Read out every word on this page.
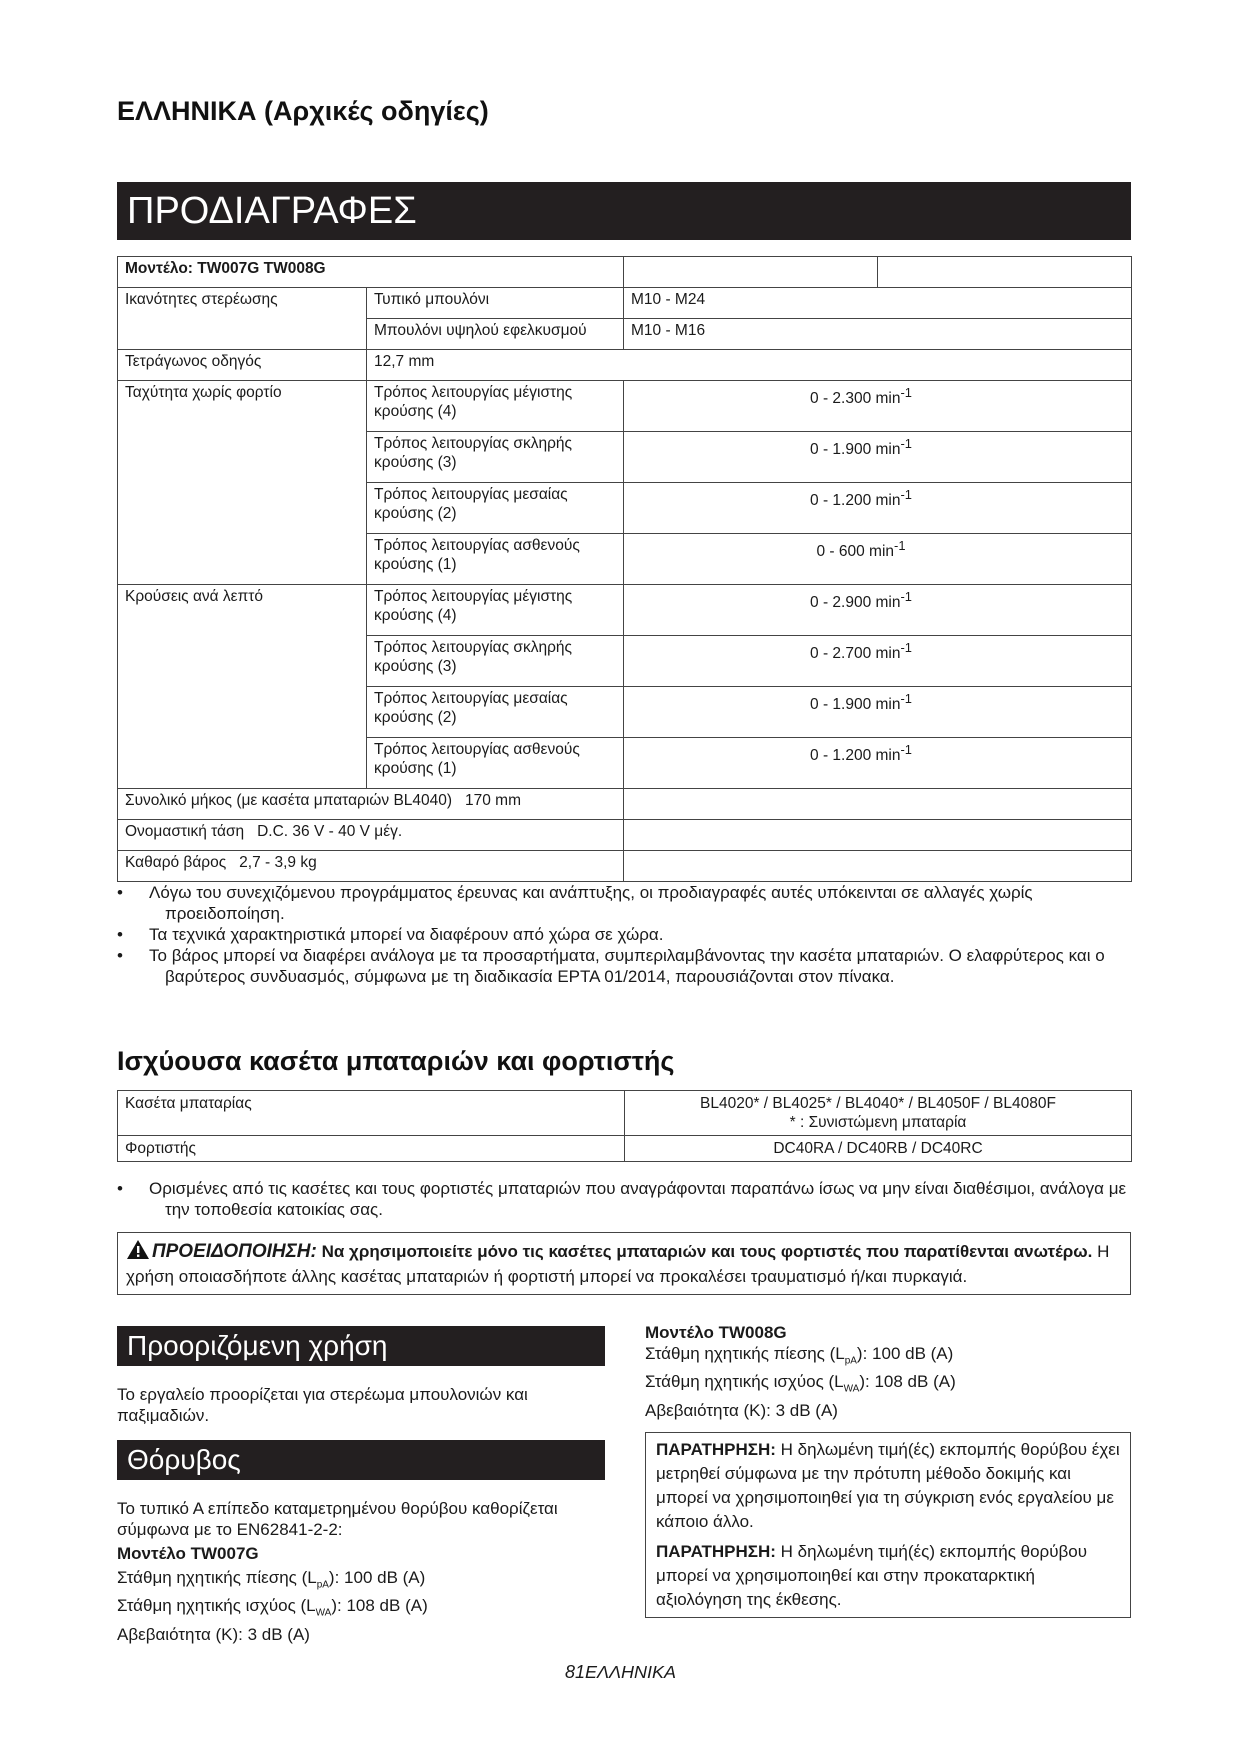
ΕΛΛΗΝΙΚΑ (Αρχικές οδηγίες)
ΠΡΟΔΙΑΓΡΑΦΕΣ
Μοντέλο: TW007G TW008G			
Ικανότητες στερέωσης	Τυπικό μπουλόνι	M10 - M24	
	Μπουλόνι υψηλού εφελκυσμού	M10 - M16	
Τετράγωνος οδηγός	12,7 mm		
Ταχύτητα χωρίς φορτίο	Τρόπος λειτουργίας μέγιστης κρούσης (4)	0 - 2.300 $\min^{-1}$
	Τρόπος λειτουργίας σκληρής κρούσης (3)	0 - 1.900 $\min^{-1}$
	Τρόπος λειτουργίας μεσαίας κρούσης (2)	0 - 1.200 $\min^{-1}$
	Τρόπος λειτουργίας ασθενούς κρούσης (1)	0 - 600 $\min^{-1}$
Κρούσεις ανά λεπτό	Τρόπος λειτουργίας μέγιστης κρούσης (4)	0 - 2.900 $\min^{-1}$
	Τρόπος λειτουργίας σκληρής κρούσης (3)	0 - 2.700 $\min^{-1}$
	Τρόπος λειτουργίας μεσαίας κρούσης (2)	0 - 1.900 $\min^{-1}$
	Τρόπος λειτουργίας ασθενούς κρούσης (1)	0 - 1.200 $\min^{-1}$
Συνολικό μήκος (με κασέτα μπαταριών BL4040) 170 mm			
Ονομαστική τάση D.C. 36 V - 40 V μέγ.			
Καθαρό βάρος 2,7 - 3,9 kg			
• Λόγω του συνεχιζόμενου προγράμματος έρευνας και ανάπτυξης, οι προδιαγραφές αυτές υπόκεινται σε αλλαγές χωρίς προειδοποίηση.
• Τα τεχνικά χαρακτηριστικά μπορεί να διαφέρουν από χώρα σε χώρα.
• Το βάρος μπορεί να διαφέρει ανάλογα με τα προσαρτήματα, συμπεριλαμβάνοντας την κασέτα μπαταριών. Ο ελαφρύτερος και ο βαρύτερος συνδυασμός, σύμφωνα με τη διαδικασία EPTA 01/2014, παρουσιάζονται στον πίνακα.
Ισχύουσα κασέτα μπαταριών και φορτιστής
Κασέτα μπαταρίας	BL4020* / BL4025* / BL4040* / BL4050F / BL4080F
* : Συνιστώμενη μπαταρία

Φορτιστής	DC40RA / DC40RB / DC40RC
• Ορισμένες από τις κασέτες και τους φορτιστές μπαταριών που αναγράφονται παραπάνω ίσως να μην είναι διαθέσιμοι, ανάλογα με την τοποθεσία κατοικίας σας.
ΠΡΟΕΙΔΟΠΟΙΗΣΗ: Να χρησιμοποιείτε μόνο τις κασέτες μπαταριών και τους φορτιστές που παρατίθενται ανωτέρω. Η χρήση οποιασδήποτε άλλης κασέτας μπαταριών ή φορτιστή μπορεί να προκαλέσει τραυματισμό ή/και πυρκαγιά.
Προοριζόμενη χρήση

Το εργαλείο προορίζεται για στερέωμα μπουλονιών και παξιμαδιών.

Θόρυβος

Το τυπικό Α επίπεδο καταμετρημένου θορύβου καθορίζεται σύμφωνα με το EN62841-2-2:

Μοντέλο TW007G

Στάθμη ηχητικής πίεσης $(L_{pA})$: 100 dB (A)

Στάθμη ηχητικής ισχύος $(L_{WA})$: 108 dB (A)

Αβεβαιότητα (K): 3 dB (A)

Μοντέλο TW008G

Στάθμη ηχητικής πίεσης $(L_{pA})$: 100 dB (A)

Στάθμη ηχητικής ισχύος $(L_{WA})$: 108 dB (A)

Αβεβαιότητα (K): 3 dB (A)

ΠΑΡΑΤΗΡΗΣΗ: Η δηλωμένη τιμή(ές) εκπομπής θορύβου έχει μετρηθεί σύμφωνα με την πρότυπη μέθοδο δοκιμής και μπορεί να χρησιμοποιηθεί για τη σύγκριση ενός εργαλείου με κάποιο άλλο.

ΠΑΡΑΤΗΡΗΣΗ: Η δηλωμένη τιμή(ές) εκπομπής θορύβου μπορεί να χρησιμοποιηθεί και στην προκαταρκτική αξιολόγηση της έκθεσης.

81ΕΛΛΗΝΙΚΑ
